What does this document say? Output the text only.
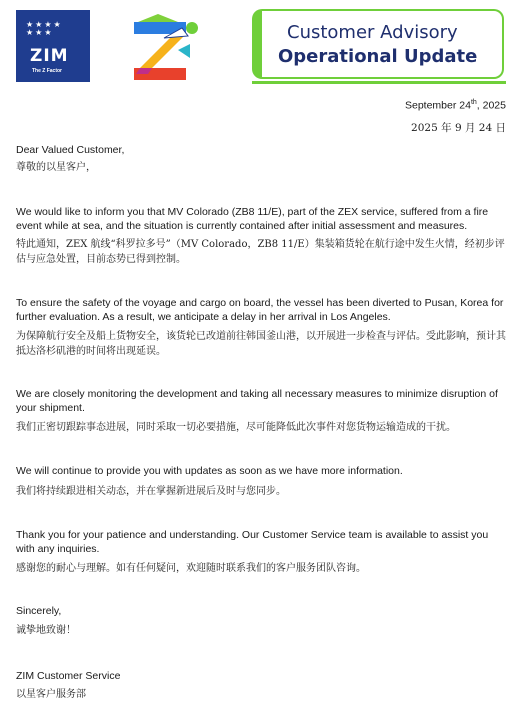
★★★★
★★★
ZIM
The Z Factor
Customer Advisory
Operational Update
September 24th, 2025
2025 年 9 月 24 日
Dear Valued Customer,
尊敬的以星客户，
We would like to inform you that MV Colorado (ZB8 11/E), part of the ZEX service, suffered from a fire event while at sea, and the situation is currently contained after initial assessment and measures.
特此通知，ZEX 航线“科罗拉多号”（MV Colorado，ZB8 11/E）集装箱货轮在航行途中发生火情，经初步评估与应急处置，目前态势已得到控制。
To ensure the safety of the voyage and cargo on board, the vessel has been diverted to Pusan, Korea for further evaluation. As a result, we anticipate a delay in her arrival in Los Angeles.
为保障航行安全及船上货物安全，该货轮已改道前往韩国釜山港，以开展进一步检查与评估。受此影响，预计其抵达洛杉矶港的时间将出现延误。
We are closely monitoring the development and taking all necessary measures to minimize disruption of your shipment.
我们正密切跟踪事态进展，同时采取一切必要措施，尽可能降低此次事件对您货物运输造成的干扰。
We will continue to provide you with updates as soon as we have more information.
我们将持续跟进相关动态，并在掌握新进展后及时与您同步。
Thank you for your patience and understanding. Our Customer Service team is available to assist you with any inquiries.
感谢您的耐心与理解。如有任何疑问，欢迎随时联系我们的客户服务团队咨询。
Sincerely,
诚挚地致谢！
ZIM Customer Service
以星客户服务部
